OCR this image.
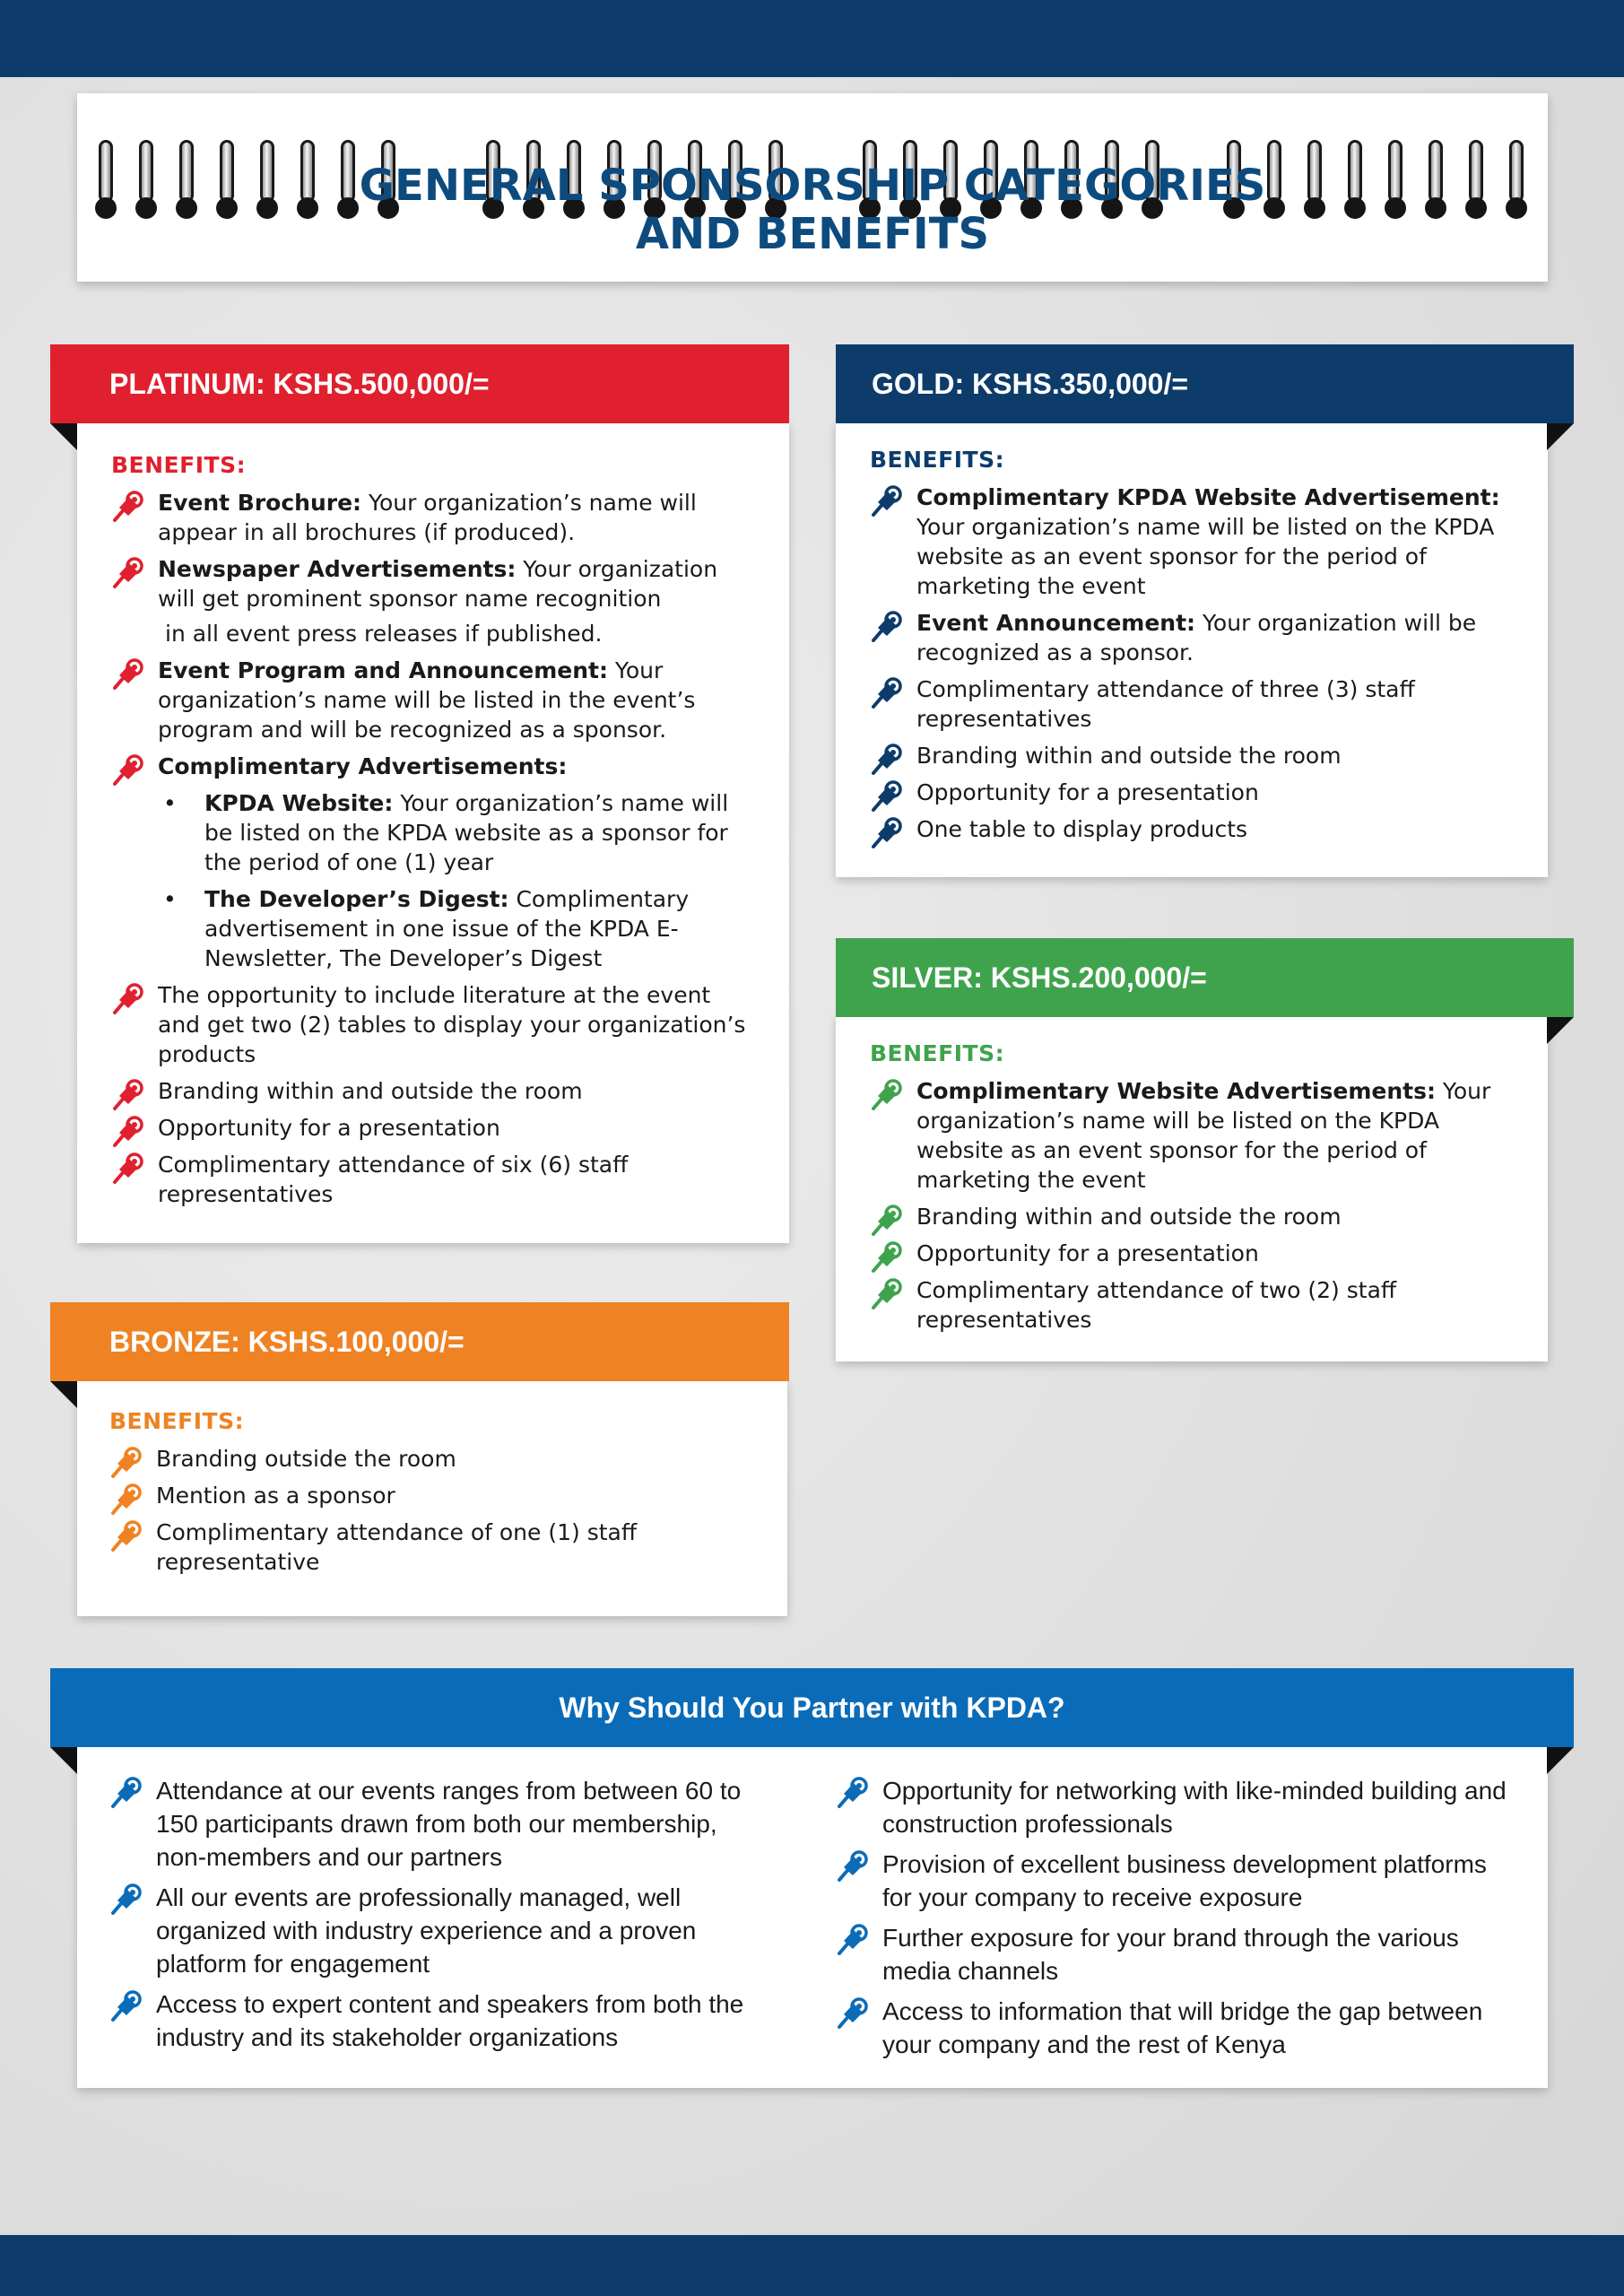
GENERAL SPONSORSHIP CATEGORIES
AND BENEFITS
PLATINUM: KSHS.500,000/=
BENEFITS:
Event Brochure: Your organization’s name will appear in all brochures (if produced).
Newspaper Advertisements: Your organization will get prominent sponsor name recognition
in all event press releases if published.
Event Program and Announcement: Your organization’s name will be listed in the event’s program and will be recognized as a sponsor.
Complimentary Advertisements:
• KPDA Website: Your organization’s name will be listed on the KPDA website as a sponsor for the period of one (1) year
• The Developer’s Digest: Complimentary advertisement in one issue of the KPDA E-Newsletter, The Developer’s Digest
The opportunity to include literature at the event and get two (2) tables to display your organization’s products
Branding within and outside the room
Opportunity for a presentation
Complimentary attendance of six (6) staff representatives
GOLD: KSHS.350,000/=
BENEFITS:
Complimentary KPDA Website Advertisement: Your organization’s name will be listed on the KPDA website as an event sponsor for the period of marketing the event
Event Announcement: Your organization will be recognized as a sponsor.
Complimentary attendance of three (3) staff representatives
Branding within and outside the room
Opportunity for a presentation
One table to display products
SILVER: KSHS.200,000/=
BENEFITS:
Complimentary Website Advertisements: Your organization’s name will be listed on the KPDA website as an event sponsor for the period of marketing the event
Branding within and outside the room
Opportunity for a presentation
Complimentary attendance of two (2) staff representatives
BRONZE: KSHS.100,000/=
BENEFITS:
Branding outside the room
Mention as a sponsor
Complimentary attendance of one (1) staff representative
Why Should You Partner with KPDA?
Attendance at our events ranges from between 60 to 150 participants drawn from both our membership, non-members and our partners
All our events are professionally managed, well organized with industry experience and a proven platform for engagement
Access to expert content and speakers from both the industry and its stakeholder organizations
Opportunity for networking with like-minded building and construction professionals
Provision of excellent business development platforms for your company to receive exposure
Further exposure for your brand through the various media channels
Access to information that will bridge the gap between your company and the rest of Kenya
